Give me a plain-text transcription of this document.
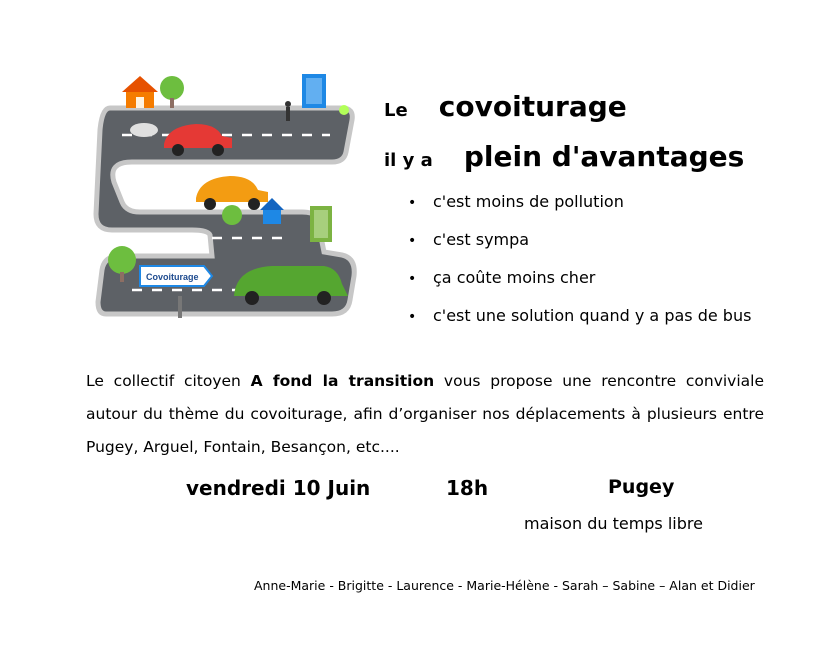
Covoiturage
Le covoiturage
il y a plein d'avantages
• c'est moins de pollution
• c'est sympa
• ça coûte moins cher
• c'est une solution quand y a pas de bus

Le collectif citoyen A fond la transition vous propose une rencontre conviviale autour du thème du covoiturage, afin d’organiser nos déplacements à plusieurs entre Pugey, Arguel, Fontain, Besançon, etc....

vendredi 10 Juin	18h	Pugey
maison du temps libre
Anne-Marie - Brigitte - Laurence - Marie-Hélène - Sarah – Sabine – Alan et Didier
